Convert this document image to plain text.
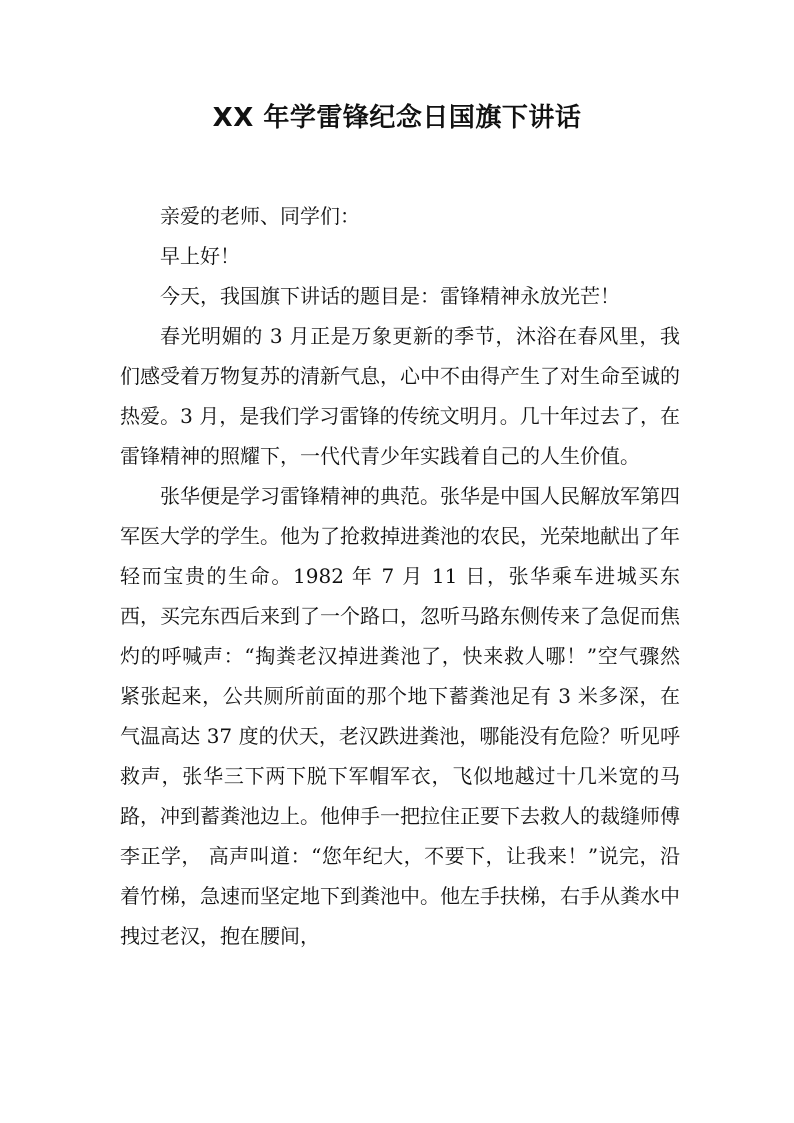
XX 年学雷锋纪念日国旗下讲话

亲爱的老师、同学们：

早上好！

今天，我国旗下讲话的题目是：雷锋精神永放光芒！

春光明媚的 3 月正是万象更新的季节，沐浴在春风里，我们感受着万物复苏的清新气息，心中不由得产生了对生命至诚的热爱。3 月，是我们学习雷锋的传统文明月。几十年过去了，在雷锋精神的照耀下，一代代青少年实践着自己的人生价值。

张华便是学习雷锋精神的典范。张华是中国人民解放军第四军医大学的学生。他为了抢救掉进粪池的农民，光荣地献出了年轻而宝贵的生命。1982 年 7 月 11 日，张华乘车进城买东西，买完东西后来到了一个路口，忽听马路东侧传来了急促而焦灼的呼喊声：“掏粪老汉掉进粪池了，快来救人哪！”空气骤然紧张起来，公共厕所前面的那个地下蓄粪池足有 3 米多深，在气温高达 37 度的伏天，老汉跌进粪池，哪能没有危险？听见呼救声，张华三下两下脱下军帽军衣，飞似地越过十几米宽的马路，冲到蓄粪池边上。他伸手一把拉住正要下去救人的裁缝师傅李正学， 高声叫道：“您年纪大，不要下，让我来！”说完，沿着竹梯，急速而坚定地下到粪池中。他左手扶梯，右手从粪水中拽过老汉，抱在腰间，
